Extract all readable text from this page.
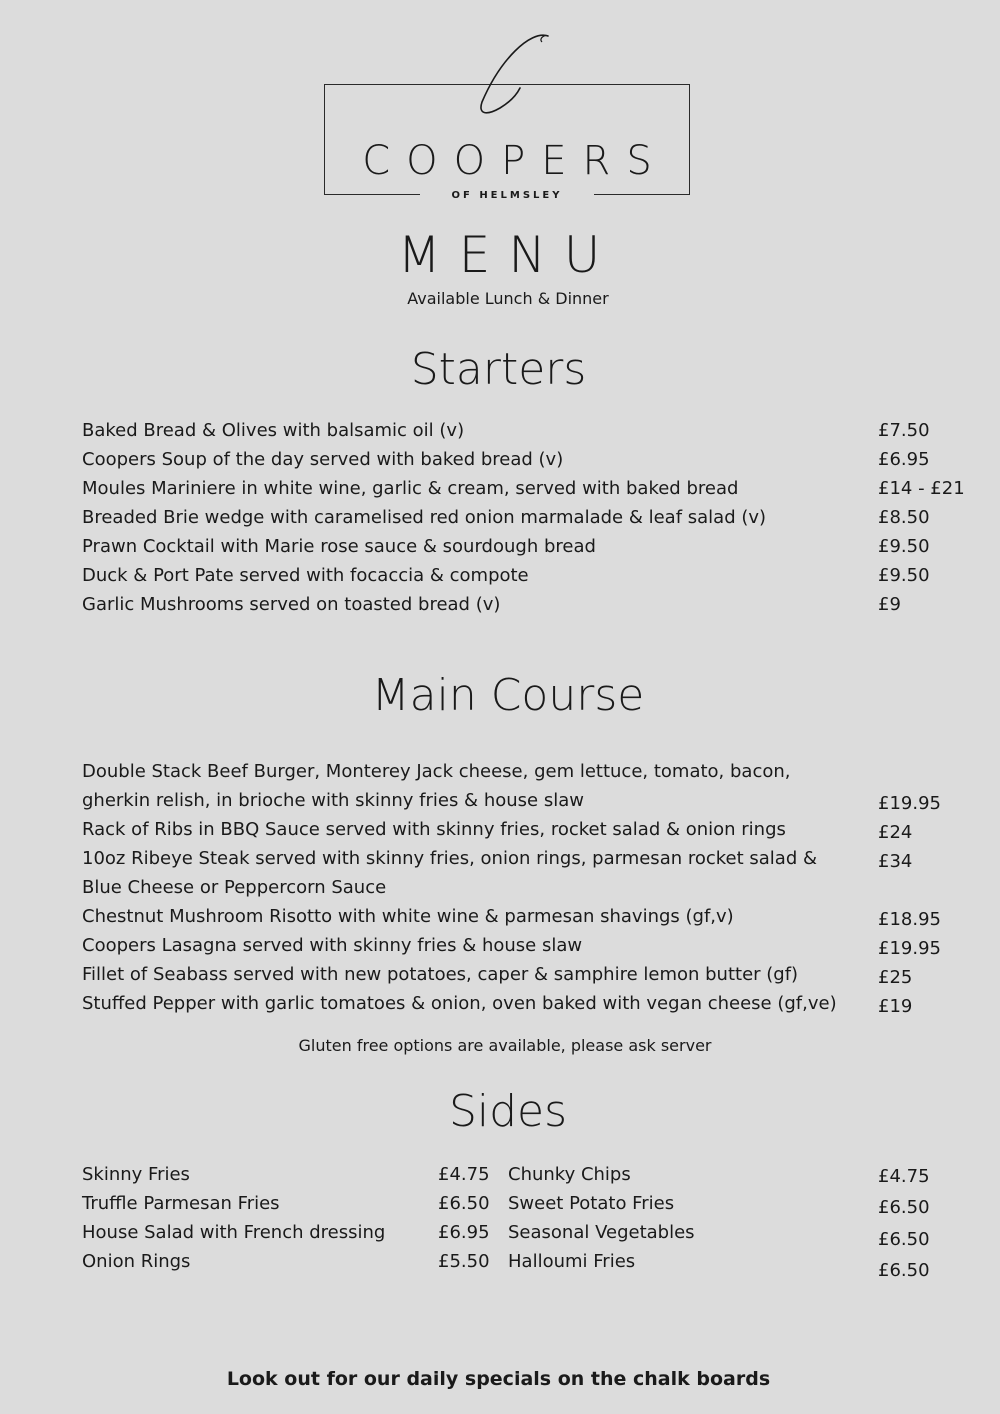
COOPERS
OF HELMSLEY
MENU
Available Lunch & Dinner
Starters
Baked Bread & Olives with balsamic oil (v)	£7.50
Coopers Soup of the day served with baked bread (v)	£6.95
Moules Mariniere in white wine, garlic & cream, served with baked bread	£14 - £21
Breaded Brie wedge with caramelised red onion marmalade & leaf salad (v)	£8.50
Prawn Cocktail with Marie rose sauce & sourdough bread	£9.50
Duck & Port Pate served with focaccia & compote	£9.50
Garlic Mushrooms served on toasted bread (v)	£9
Main Course
Double Stack Beef Burger, Monterey Jack cheese, gem lettuce, tomato, bacon,
gherkin relish, in brioche with skinny fries & house slaw	£19.95
Rack of Ribs in BBQ Sauce served with skinny fries, rocket salad & onion rings	£24
10oz Ribeye Steak served with skinny fries, onion rings, parmesan rocket salad &
Blue Cheese or Peppercorn Sauce
£34
Chestnut Mushroom Risotto with white wine & parmesan shavings (gf,v)	£18.95
Coopers Lasagna served with skinny fries & house slaw	£19.95
Fillet of Seabass served with new potatoes, caper & samphire lemon butter (gf)	£25
Stuffed Pepper with garlic tomatoes & onion, oven baked with vegan cheese (gf,ve) £19
Gluten free options are available, please ask server
Sides
Skinny Fries	£4.75
Truffle Parmesan Fries	£6.50
House Salad with French dressing	£6.95
Onion Rings	£5.50
Chunky Chips	£4.75
Sweet Potato Fries	£6.50
Seasonal Vegetables	£6.50
Halloumi Fries	£6.50
Look out for our daily specials on the chalk boards
